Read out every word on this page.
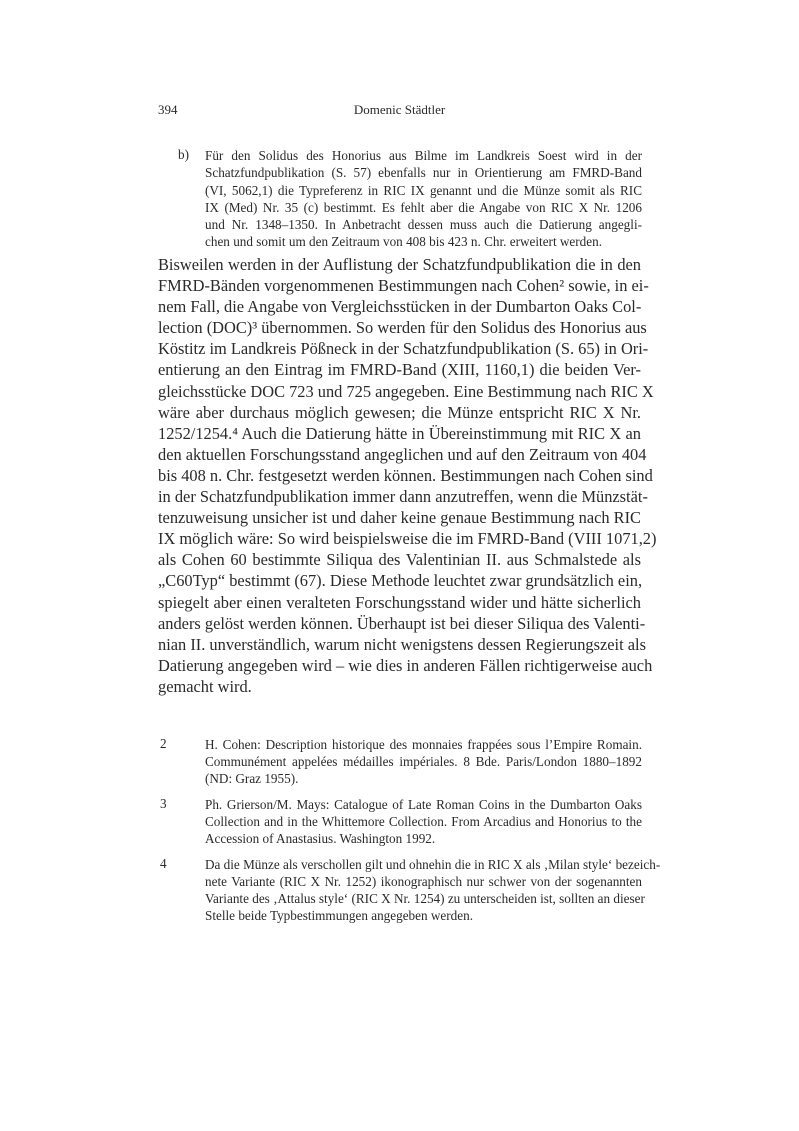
394	Domenic Städtler
b) Für den Solidus des Honorius aus Bilme im Landkreis Soest wird in der
Schatzfundpublikation (S. 57) ebenfalls nur in Orientierung am FMRD-Band
(VI, 5062,1) die Typreferenz in RIC IX genannt und die Münze somit als RIC
IX (Med) Nr. 35 (c) bestimmt. Es fehlt aber die Angabe von RIC X Nr. 1206
und Nr. 1348–1350. In Anbetracht dessen muss auch die Datierung angegli-
chen und somit um den Zeitraum von 408 bis 423 n. Chr. erweitert werden.
Bisweilen werden in der Auflistung der Schatzfundpublikation die in den
FMRD-Bänden vorgenommenen Bestimmungen nach Cohen² sowie, in ei-
nem Fall, die Angabe von Vergleichsstücken in der Dumbarton Oaks Col-
lection (DOC)³ übernommen. So werden für den Solidus des Honorius aus
Köstitz im Landkreis Pößneck in der Schatzfundpublikation (S. 65) in Ori-
entierung an den Eintrag im FMRD-Band (XIII, 1160,1) die beiden Ver-
gleichsstücke DOC 723 und 725 angegeben. Eine Bestimmung nach RIC X
wäre aber durchaus möglich gewesen; die Münze entspricht RIC X Nr.
1252/1254.⁴ Auch die Datierung hätte in Übereinstimmung mit RIC X an
den aktuellen Forschungsstand angeglichen und auf den Zeitraum von 404
bis 408 n. Chr. festgesetzt werden können. Bestimmungen nach Cohen sind
in der Schatzfundpublikation immer dann anzutreffen, wenn die Münzstät-
tenzuweisung unsicher ist und daher keine genaue Bestimmung nach RIC
IX möglich wäre: So wird beispielsweise die im FMRD-Band (VIII 1071,2)
als Cohen 60 bestimmte Siliqua des Valentinian II. aus Schmalstede als
„C60Typ“ bestimmt (67). Diese Methode leuchtet zwar grundsätzlich ein,
spiegelt aber einen veralteten Forschungsstand wider und hätte sicherlich
anders gelöst werden können. Überhaupt ist bei dieser Siliqua des Valenti-
nian II. unverständlich, warum nicht wenigstens dessen Regierungszeit als
Datierung angegeben wird – wie dies in anderen Fällen richtigerweise auch
gemacht wird.
2	H. Cohen: Description historique des monnaies frappées sous l’Empire Romain.
Communément appelées médailles impériales. 8 Bde. Paris/London 1880–1892
(ND: Graz 1955).
3	Ph. Grierson/M. Mays: Catalogue of Late Roman Coins in the Dumbarton Oaks
Collection and in the Whittemore Collection. From Arcadius and Honorius to the
Accession of Anastasius. Washington 1992.
4	Da die Münze als verschollen gilt und ohnehin die in RIC X als ‚Milan style‘ bezeich-
nete Variante (RIC X Nr. 1252) ikonographisch nur schwer von der sogenannten
Variante des ‚Attalus style‘ (RIC X Nr. 1254) zu unterscheiden ist, sollten an dieser
Stelle beide Typbestimmungen angegeben werden.
